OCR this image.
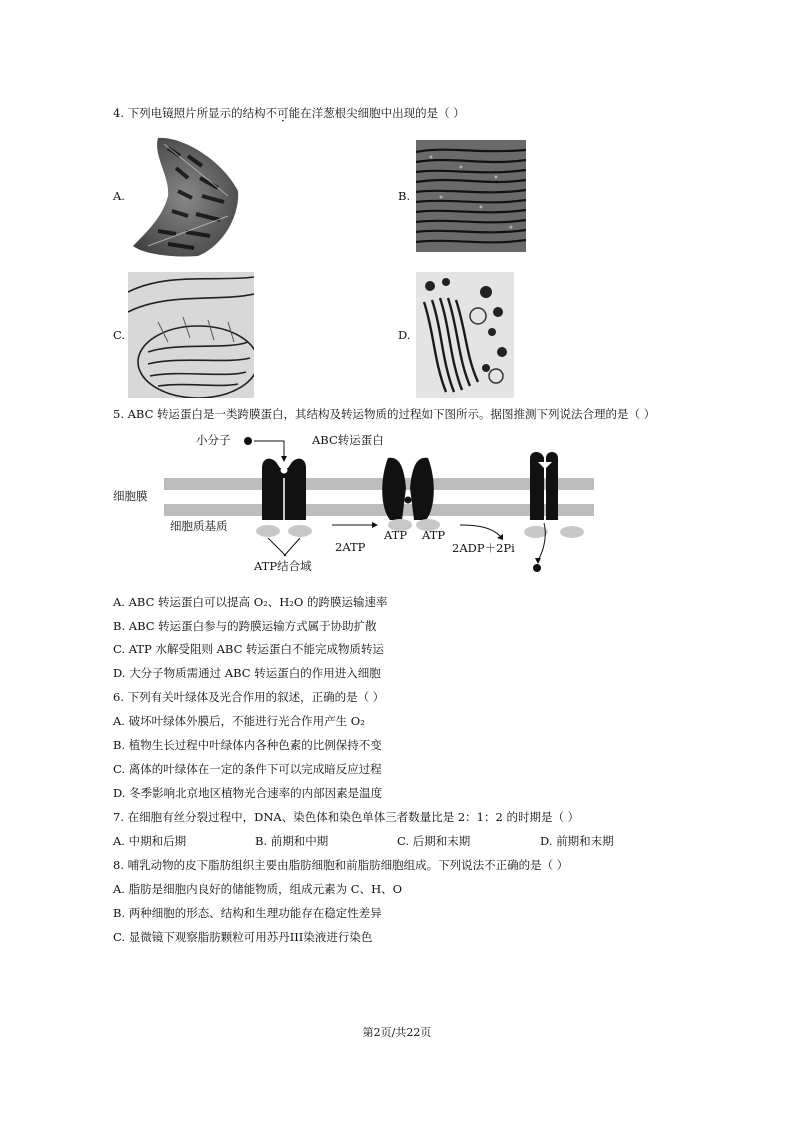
4. 下列电镜照片所显示的结构不可能在洋葱根尖细胞中出现的是（ ）
A.	B.
C.	D.
5. ABC 转运蛋白是一类跨膜蛋白，其结构及转运物质的过程如下图所示。据图推测下列说法合理的是（ ）
小分子	ABC转运蛋白
细胞膜
细胞质基质
2ATP
ATP ATP
2ADP＋2Pi
ATP结合域
A. ABC 转运蛋白可以提高 O₂、H₂O 的跨膜运输速率
B. ABC 转运蛋白参与的跨膜运输方式属于协助扩散
C. ATP 水解受阻则 ABC 转运蛋白不能完成物质转运
D. 大分子物质需通过 ABC 转运蛋白的作用进入细胞
6. 下列有关叶绿体及光合作用的叙述，正确的是（ ）
A. 破坏叶绿体外膜后，不能进行光合作用产生 O₂
B. 植物生长过程中叶绿体内各种色素的比例保持不变
C. 离体的叶绿体在一定的条件下可以完成暗反应过程
D. 冬季影响北京地区植物光合速率的内部因素是温度
7. 在细胞有丝分裂过程中，DNA、染色体和染色单体三者数量比是 2：1：2 的时期是（ ）
A. 中期和后期	B. 前期和中期	C. 后期和末期	D. 前期和末期
8. 哺乳动物的皮下脂肪组织主要由脂肪细胞和前脂肪细胞组成。下列说法不正确的是（ ）
A. 脂肪是细胞内良好的储能物质，组成元素为 C、H、O
B. 两种细胞的形态、结构和生理功能存在稳定性差异
C. 显微镜下观察脂肪颗粒可用苏丹III染液进行染色
第2页/共22页
